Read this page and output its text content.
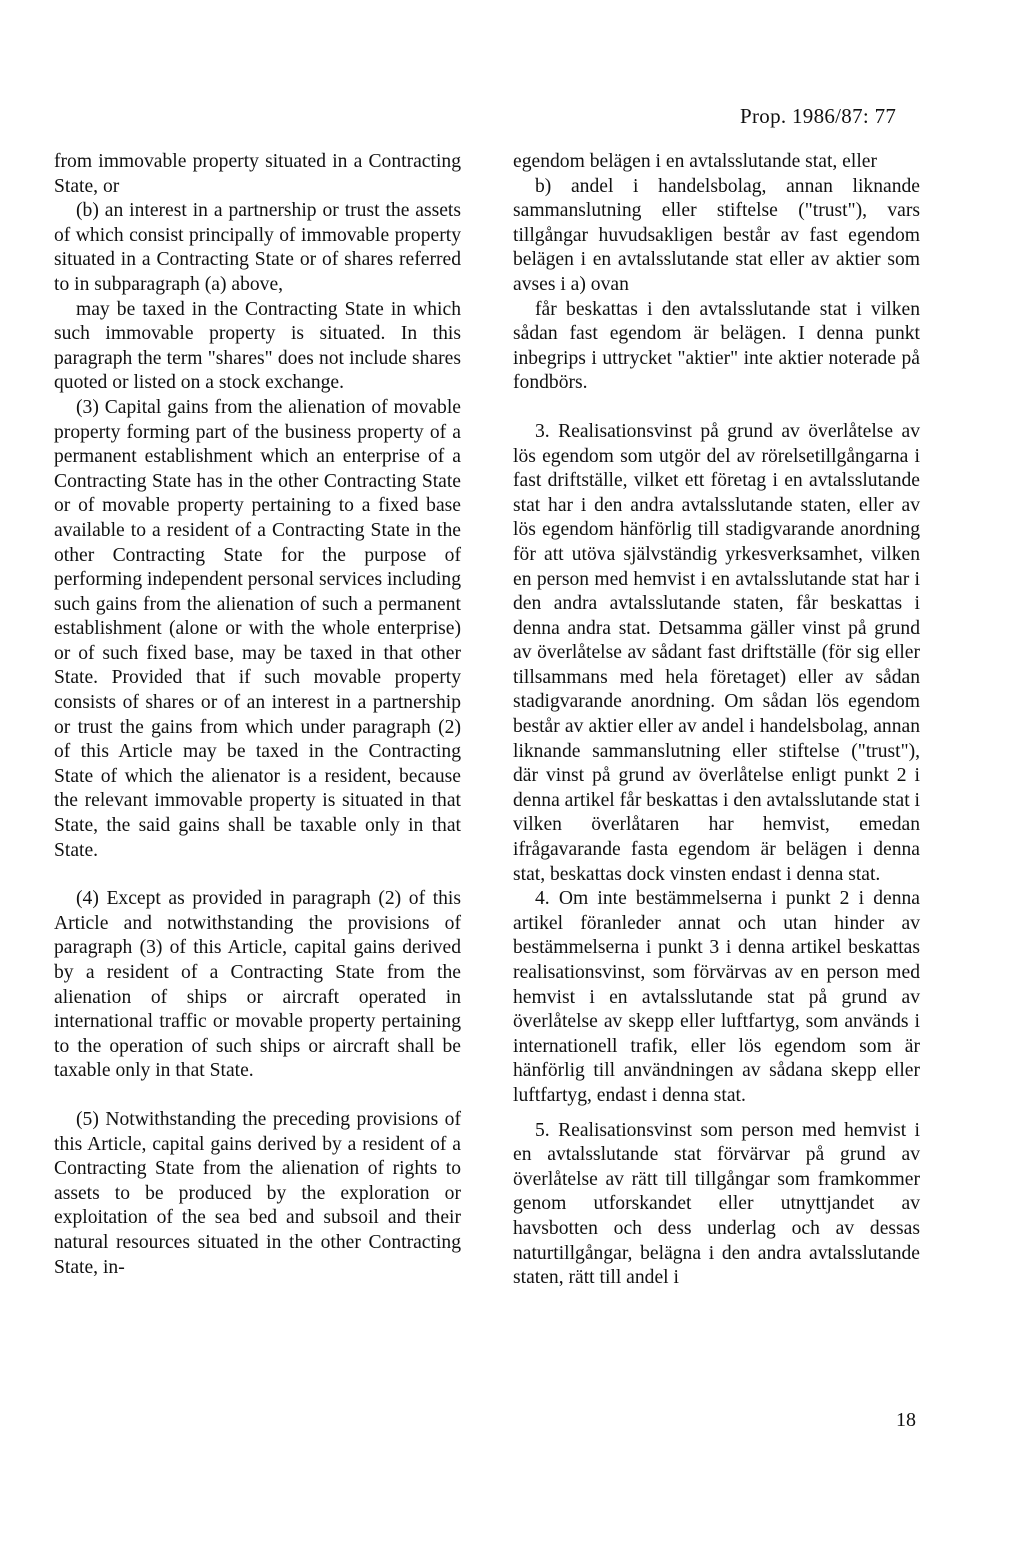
Prop. 1986/87: 77

from immovable property situated in a Contracting State, or

(b) an interest in a partnership or trust the assets of which consist principally of immovable property situated in a Contracting State or of shares referred to in subparagraph (a) above,

may be taxed in the Contracting State in which such immovable property is situated. In this paragraph the term "shares" does not include shares quoted or listed on a stock exchange.

(3) Capital gains from the alienation of movable property forming part of the business property of a permanent establishment which an enterprise of a Contracting State has in the other Contracting State or of movable property pertaining to a fixed base available to a resident of a Contracting State in the other Contracting State for the purpose of performing independent personal services including such gains from the alienation of such a permanent establishment (alone or with the whole enterprise) or of such fixed base, may be taxed in that other State. Provided that if such movable property consists of shares or of an interest in a partnership or trust the gains from which under paragraph (2) of this Article may be taxed in the Contracting State of which the alienator is a resident, because the relevant immovable property is situated in that State, the said gains shall be taxable only in that State.

(4) Except as provided in paragraph (2) of this Article and notwithstanding the provisions of paragraph (3) of this Article, capital gains derived by a resident of a Contracting State from the alienation of ships or aircraft operated in international traffic or movable property pertaining to the operation of such ships or aircraft shall be taxable only in that State.

(5) Notwithstanding the preceding provisions of this Article, capital gains derived by a resident of a Contracting State from the alienation of rights to assets to be produced by the exploration or exploitation of the sea bed and subsoil and their natural resources situated in the other Contracting State, in-

egendom belägen i en avtalsslutande stat, eller

b) andel i handelsbolag, annan liknande sammanslutning eller stiftelse ("trust"), vars tillgångar huvudsakligen består av fast egendom belägen i en avtalsslutande stat eller av aktier som avses i a) ovan

får beskattas i den avtalsslutande stat i vilken sådan fast egendom är belägen. I denna punkt inbegrips i uttrycket "aktier" inte aktier noterade på fondbörs.

3. Realisationsvinst på grund av överlåtelse av lös egendom som utgör del av rörelsetillgångarna i fast driftställe, vilket ett företag i en avtalsslutande stat har i den andra avtalsslutande staten, eller av lös egendom hänförlig till stadigvarande anordning för att utöva självständig yrkesverksamhet, vilken en person med hemvist i en avtalsslutande stat har i den andra avtalsslutande staten, får beskattas i denna andra stat. Detsamma gäller vinst på grund av överlåtelse av sådant fast driftställe (för sig eller tillsammans med hela företaget) eller av sådan stadigvarande anordning. Om sådan lös egendom består av aktier eller av andel i handelsbolag, annan liknande sammanslutning eller stiftelse ("trust"), där vinst på grund av överlåtelse enligt punkt 2 i denna artikel får beskattas i den avtalsslutande stat i vilken överlåtaren har hemvist, emedan ifrågavarande fasta egendom är belägen i denna stat, beskattas dock vinsten endast i denna stat.

4. Om inte bestämmelserna i punkt 2 i denna artikel föranleder annat och utan hinder av bestämmelserna i punkt 3 i denna artikel beskattas realisationsvinst, som förvärvas av en person med hemvist i en avtalsslutande stat på grund av överlåtelse av skepp eller luftfartyg, som används i internationell trafik, eller lös egendom som är hänförlig till användningen av sådana skepp eller luftfartyg, endast i denna stat.

5. Realisationsvinst som person med hemvist i en avtalsslutande stat förvärvar på grund av överlåtelse av rätt till tillgångar som framkommer genom utforskandet eller utnyttjandet av havsbotten och dess underlag och av dessas naturtillgångar, belägna i den andra avtalsslutande staten, rätt till andel i

18
